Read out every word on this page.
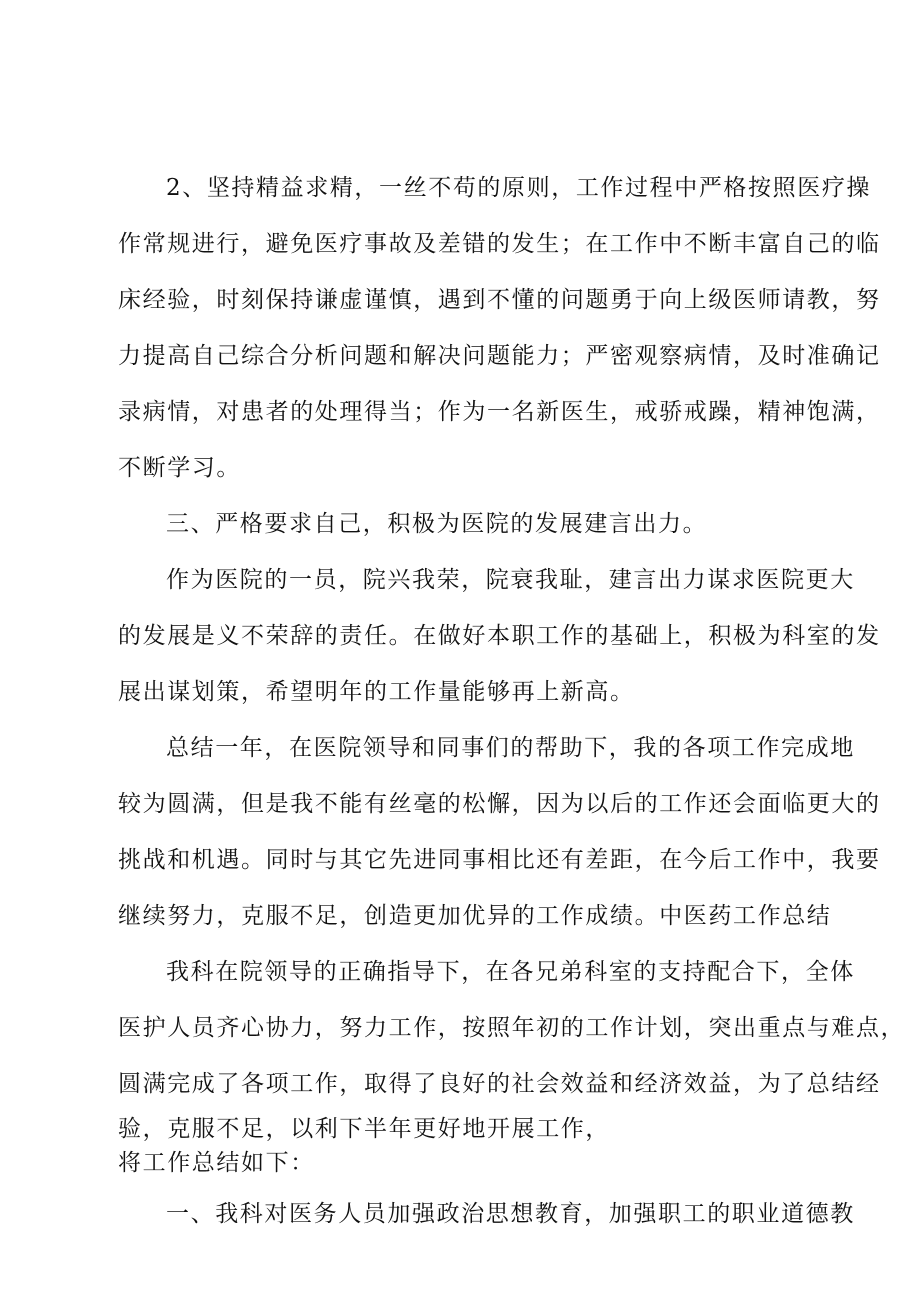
2、坚持精益求精，一丝不苟的原则，工作过程中严格按照医疗操
作常规进行，避免医疗事故及差错的发生；在工作中不断丰富自己的临
床经验，时刻保持谦虚谨慎，遇到不懂的问题勇于向上级医师请教，努
力提高自己综合分析问题和解决问题能力；严密观察病情，及时准确记
录病情，对患者的处理得当；作为一名新医生，戒骄戒躁，精神饱满，
不断学习。
三、严格要求自己，积极为医院的发展建言出力。
作为医院的一员，院兴我荣，院衰我耻，建言出力谋求医院更大
的发展是义不荣辞的责任。在做好本职工作的基础上，积极为科室的发
展出谋划策，希望明年的工作量能够再上新高。
总结一年，在医院领导和同事们的帮助下，我的各项工作完成地
较为圆满，但是我不能有丝毫的松懈，因为以后的工作还会面临更大的
挑战和机遇。同时与其它先进同事相比还有差距，在今后工作中，我要
继续努力，克服不足，创造更加优异的工作成绩。中医药工作总结
我科在院领导的正确指导下，在各兄弟科室的支持配合下，全体
医护人员齐心协力，努力工作，按照年初的工作计划，突出重点与难点，
圆满完成了各项工作，取得了良好的社会效益和经济效益，为了总结经
验，克服不足，以利下半年更好地开展工作，
将工作总结如下：
一、我科对医务人员加强政治思想教育，加强职工的职业道德教
